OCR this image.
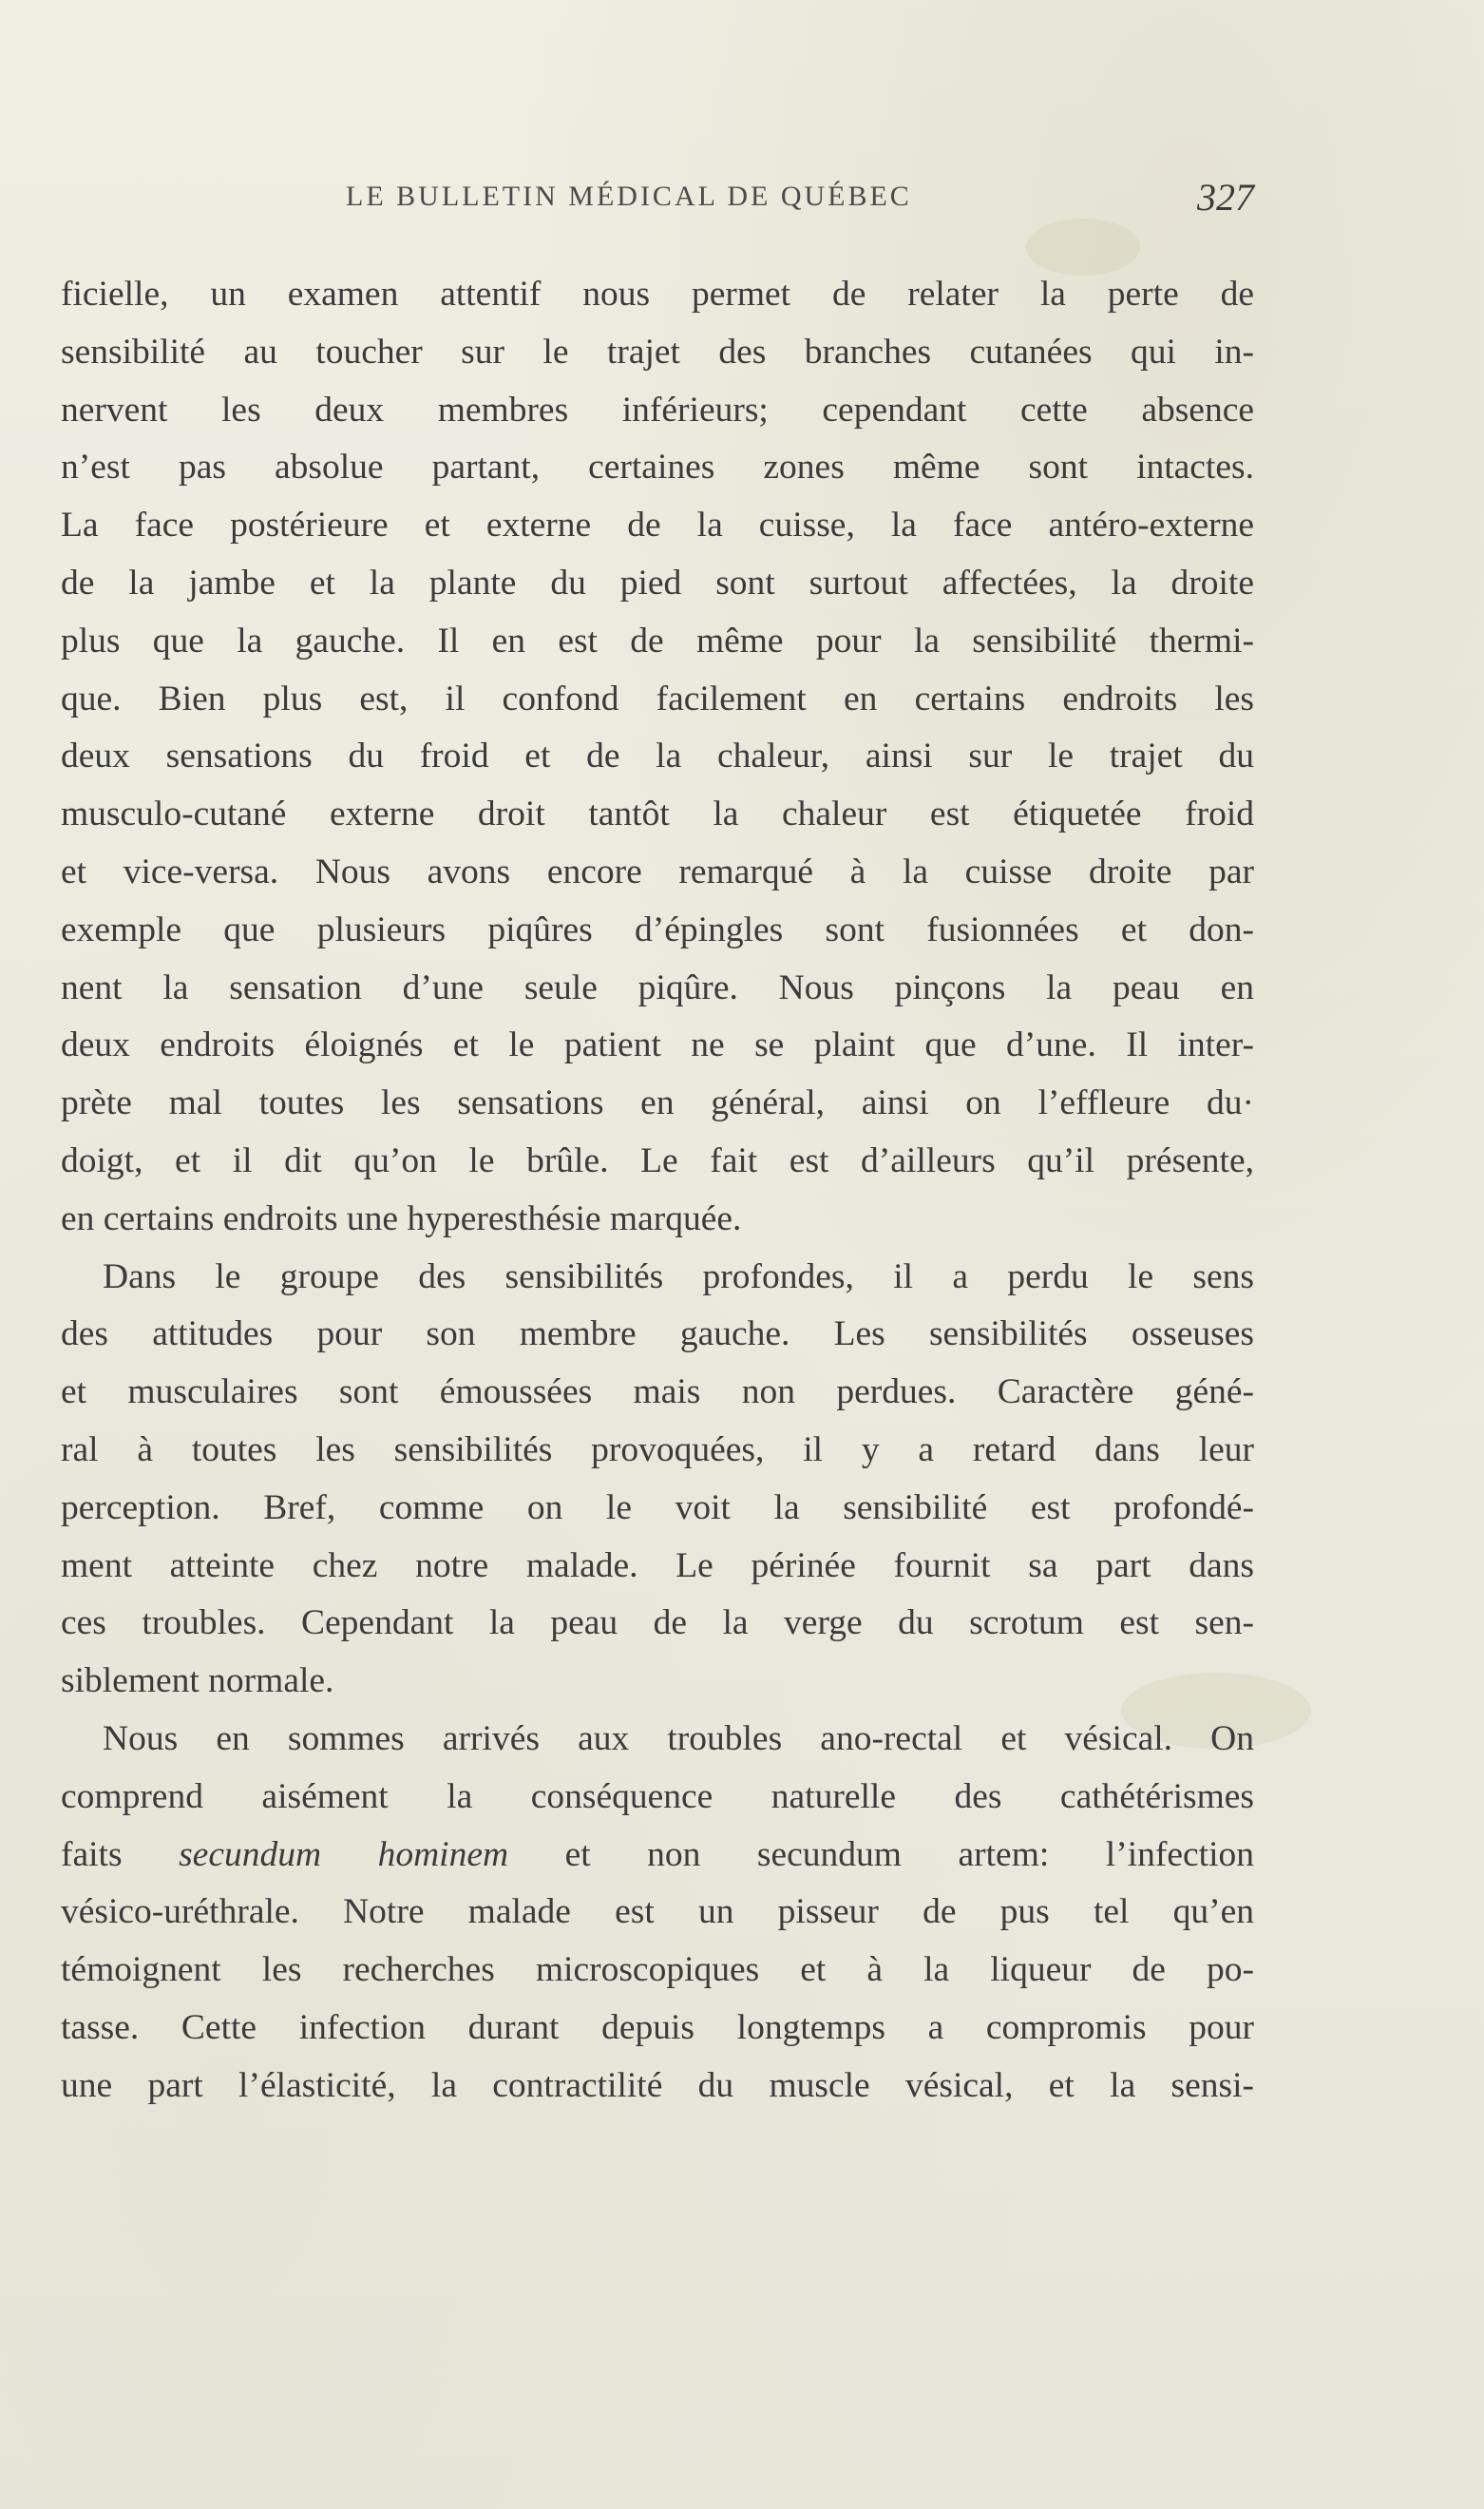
LE BULLETIN MÉDICAL DE QUÉBEC	327
ficielle, un examen attentif nous permet de relater la perte de
sensibilité au toucher sur le trajet des branches cutanées qui in-
nervent les deux membres inférieurs; cependant cette absence
n’est pas absolue partant, certaines zones même sont intactes.
La face postérieure et externe de la cuisse, la face antéro-externe
de la jambe et la plante du pied sont surtout affectées, la droite
plus que la gauche. Il en est de même pour la sensibilité thermi-
que. Bien plus est, il confond facilement en certains endroits les
deux sensations du froid et de la chaleur, ainsi sur le trajet du
musculo-cutané externe droit tantôt la chaleur est étiquetée froid
et vice-versa. Nous avons encore remarqué à la cuisse droite par
exemple que plusieurs piqûres d’épingles sont fusionnées et don-
nent la sensation d’une seule piqûre. Nous pinçons la peau en
deux endroits éloignés et le patient ne se plaint que d’une. Il inter-
prète mal toutes les sensations en général, ainsi on l’effleure du·
doigt, et il dit qu’on le brûle. Le fait est d’ailleurs qu’il présente,
en certains endroits une hyperesthésie marquée.
Dans le groupe des sensibilités profondes, il a perdu le sens
des attitudes pour son membre gauche. Les sensibilités osseuses
et musculaires sont émoussées mais non perdues. Caractère géné-
ral à toutes les sensibilités provoquées, il y a retard dans leur
perception. Bref, comme on le voit la sensibilité est profondé-
ment atteinte chez notre malade. Le périnée fournit sa part dans
ces troubles. Cependant la peau de la verge du scrotum est sen-
siblement normale.
Nous en sommes arrivés aux troubles ano-rectal et vésical. On
comprend aisément la conséquence naturelle des cathétérismes
faits secundum hominem et non secundum artem: l’infection
vésico-uréthrale. Notre malade est un pisseur de pus tel qu’en
témoignent les recherches microscopiques et à la liqueur de po-
tasse. Cette infection durant depuis longtemps a compromis pour
une part l’élasticité, la contractilité du muscle vésical, et la sensi-
